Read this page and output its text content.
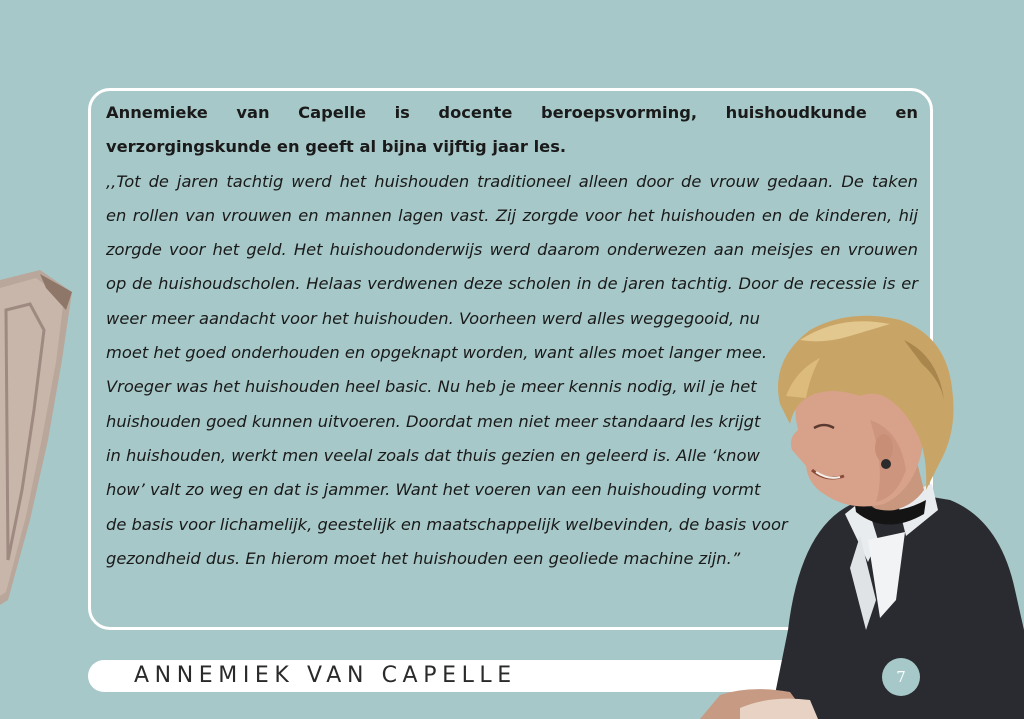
Annemieke van Capelle is docente beroepsvorming, huishoudkunde en verzorgingskunde en geeft al bijna vijftig jaar les.
,,Tot de jaren tachtig werd het huishouden traditioneel alleen door de vrouw gedaan. De taken
en rollen van vrouwen en mannen lagen vast. Zij zorgde voor het huishouden en de kinderen, hij
zorgde voor het geld. Het huishoudonderwijs werd daarom onderwezen aan meisjes en vrouwen
op de huishoudscholen. Helaas verdwenen deze scholen in de jaren tachtig. Door de recessie is er
weer meer aandacht voor het huishouden. Voorheen werd alles weggegooid, nu
moet het goed onderhouden en opgeknapt worden, want alles moet langer mee.
Vroeger was het huishouden heel basic. Nu heb je meer kennis nodig, wil je het
huishouden goed kunnen uitvoeren. Doordat men niet meer standaard les krijgt
in huishouden, werkt men veelal zoals dat thuis gezien en geleerd is. Alle ‘know
how’ valt zo weg en dat is jammer. Want het voeren van een huishouding vormt
de basis voor lichamelijk, geestelijk en maatschappelijk welbevinden, de basis voor
gezondheid dus. En hierom moet het huishouden een geoliede machine zijn.”
ANNEMIEK VAN CAPELLE	7
